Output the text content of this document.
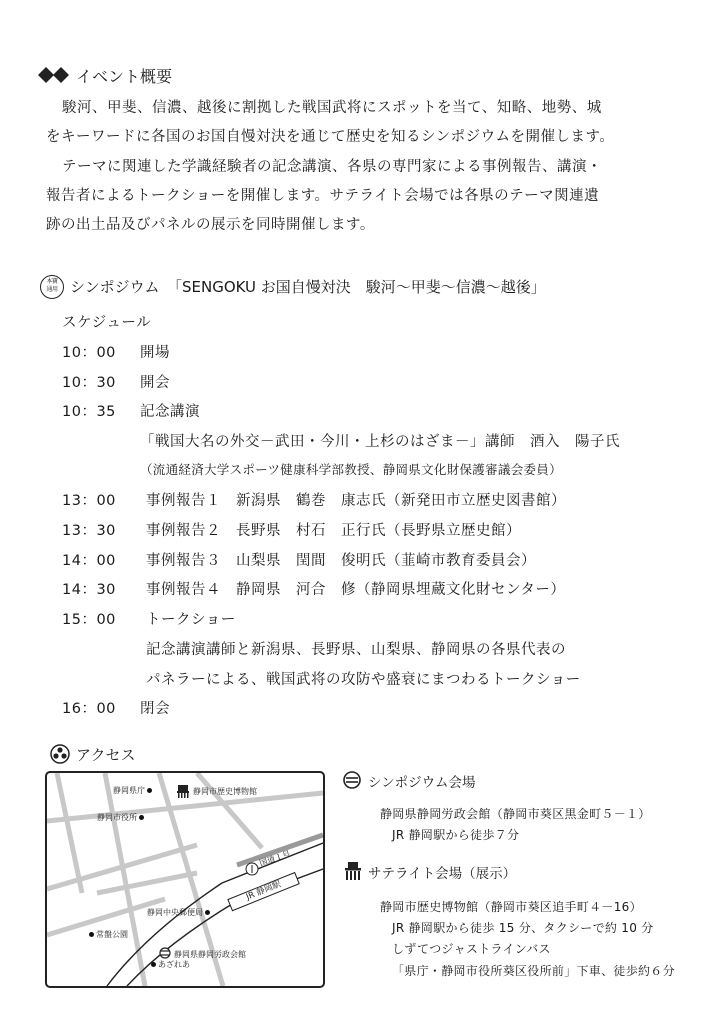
イベント概要
駿河、甲斐、信濃、越後に割拠した戦国武将にスポットを当て、知略、地勢、城
をキーワードに各国のお国自慢対決を通じて歴史を知るシンポジウムを開催します。
テーマに関連した学識経験者の記念講演、各県の専門家による事例報告、講演・
報告者によるトークショーを開催します。サテライト会場では各県のテーマ関連遺
跡の出土品及びパネルの展示を同時開催します。
本寶通用 シンポジウム　「SENGOKU お国自慢対決　駿河～甲斐～信濃～越後」
スケジュール
10：00 開場
10：30 開会
10：35 記念講演
「戦国大名の外交－武田・今川・上杉のはざま－」講師　酒入　陽子氏
（流通経済大学スポーツ健康科学部教授、静岡県文化財保護審議会委員）
13：00 事例報告１　新潟県　鶴巻　康志氏（新発田市立歴史図書館）
13：30 事例報告２　長野県　村石　正行氏（長野県立歴史館）
14：00 事例報告３　山梨県　閏間　俊明氏（韮崎市教育委員会）
14：30 事例報告４　静岡県　河合　修（静岡県埋蔵文化財センター）
15：00 トークショー
記念講演講師と新潟県、長野県、山梨県、静岡県の各県代表の
パネラーによる、戦国武将の攻防や盛衰にまつわるトークショー
16：00 閉会
アクセス
静岡県庁	静岡市歴史博物館
静岡市役所
国道１号
JR 静岡駅
静岡中央郵便局
常盤公園
静岡県静岡労政会館
あざれあ
シンポジウム会場
静岡県静岡労政会館（静岡市葵区黒金町５－１）
JR 静岡駅から徒歩７分
サテライト会場（展示）
静岡市歴史博物館（静岡市葵区追手町４－16）
JR 静岡駅から徒歩 15 分、タクシーで約 10 分
しずてつジャストラインバス
「県庁・静岡市役所葵区役所前」下車、徒歩約６分
